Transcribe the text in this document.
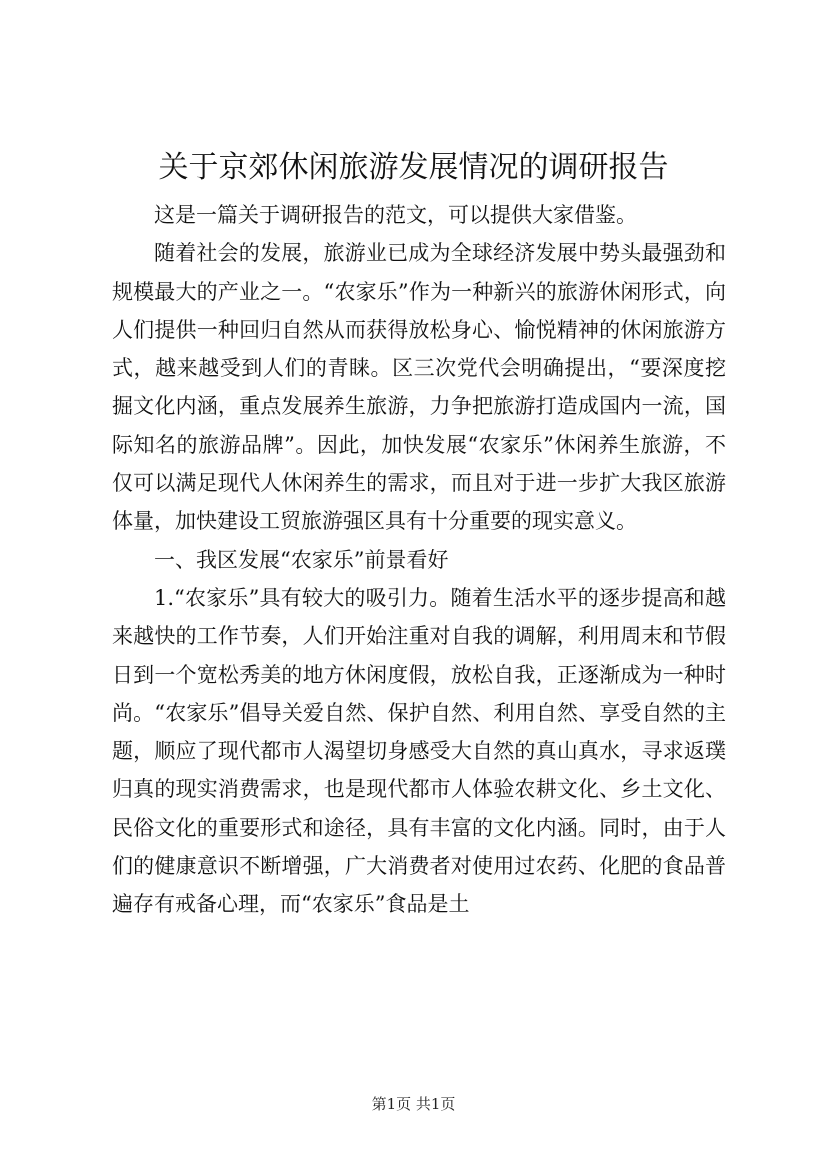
关于京郊休闲旅游发展情况的调研报告

这是一篇关于调研报告的范文，可以提供大家借鉴。

随着社会的发展，旅游业已成为全球经济发展中势头最强劲和规模最大的产业之一。“农家乐”作为一种新兴的旅游休闲形式，向人们提供一种回归自然从而获得放松身心、愉悦精神的休闲旅游方式，越来越受到人们的青睐。区三次党代会明确提出，“要深度挖掘文化内涵，重点发展养生旅游，力争把旅游打造成国内一流，国际知名的旅游品牌”。因此，加快发展“农家乐”休闲养生旅游，不仅可以满足现代人休闲养生的需求，而且对于进一步扩大我区旅游体量，加快建设工贸旅游强区具有十分重要的现实意义。

一、我区发展“农家乐”前景看好

1.“农家乐”具有较大的吸引力。随着生活水平的逐步提高和越来越快的工作节奏，人们开始注重对自我的调解，利用周末和节假日到一个宽松秀美的地方休闲度假，放松自我，正逐渐成为一种时尚。“农家乐”倡导关爱自然、保护自然、利用自然、享受自然的主题，顺应了现代都市人渴望切身感受大自然的真山真水，寻求返璞归真的现实消费需求，也是现代都市人体验农耕文化、乡土文化、民俗文化的重要形式和途径，具有丰富的文化内涵。同时，由于人们的健康意识不断增强，广大消费者对使用过农药、化肥的食品普遍存有戒备心理，而“农家乐”食品是土

第1页 共1页
